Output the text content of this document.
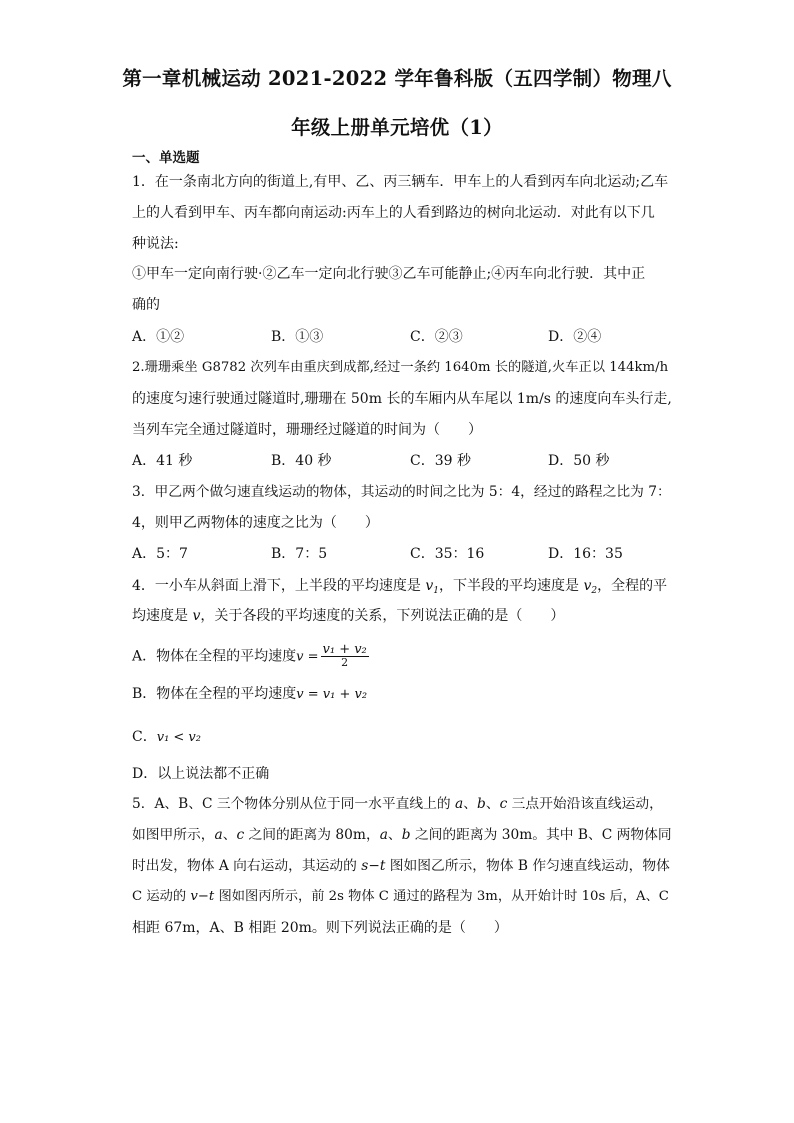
第一章机械运动 2021-2022 学年鲁科版（五四学制）物理八
年级上册单元培优（1）
一、单选题
1．在一条南北方向的街道上,有甲、乙、丙三辆车．甲车上的人看到丙车向北运动;乙车
上的人看到甲车、丙车都向南运动:丙车上的人看到路边的树向北运动．对此有以下几
种说法:
①甲车一定向南行驶·②乙车一定向北行驶③乙车可能静止;④丙车向北行驶．其中正
确的
A．①②	B．①③	C．②③	D．②④
2.珊珊乘坐 G8782 次列车由重庆到成都,经过一条约 1640m 长的隧道,火车正以 144km/h
的速度匀速行驶通过隧道时,珊珊在 50m 长的车厢内从车尾以 1m/s 的速度向车头行走,
当列车完全通过隧道时，珊珊经过隧道的时间为（　　）
A．41 秒	B．40 秒	C．39 秒	D．50 秒
3．甲乙两个做匀速直线运动的物体，其运动的时间之比为 5：4，经过的路程之比为 7：
4，则甲乙两物体的速度之比为（　　）
A．5：7	B．7：5	C．35：16	D．16：35
4．一小车从斜面上滑下，上半段的平均速度是 $v_1$，下半段的平均速度是 $v_2$，全程的平
均速度是 v，关于各段的平均速度的关系，下列说法正确的是（　　）
A．物体在全程的平均速度$v = \frac{\text{v₁ + v₂}}{2}$
B．物体在全程的平均速度v = v₁ + v₂
C．v₁ < v₂
D．以上说法都不正确
5．A、B、C 三个物体分别从位于同一水平直线上的 a、b、c 三点开始沿该直线运动，
如图甲所示，a、c 之间的距离为 80m，a、b 之间的距离为 30m。其中 B、C 两物体同
时出发，物体 A 向右运动，其运动的 s−t 图如图乙所示，物体 B 作匀速直线运动，物体
C 运动的 v−t 图如图丙所示，前 2s 物体 C 通过的路程为 3m，从开始计时 10s 后，A、C
相距 67m，A、B 相距 20m。则下列说法正确的是（　　）
